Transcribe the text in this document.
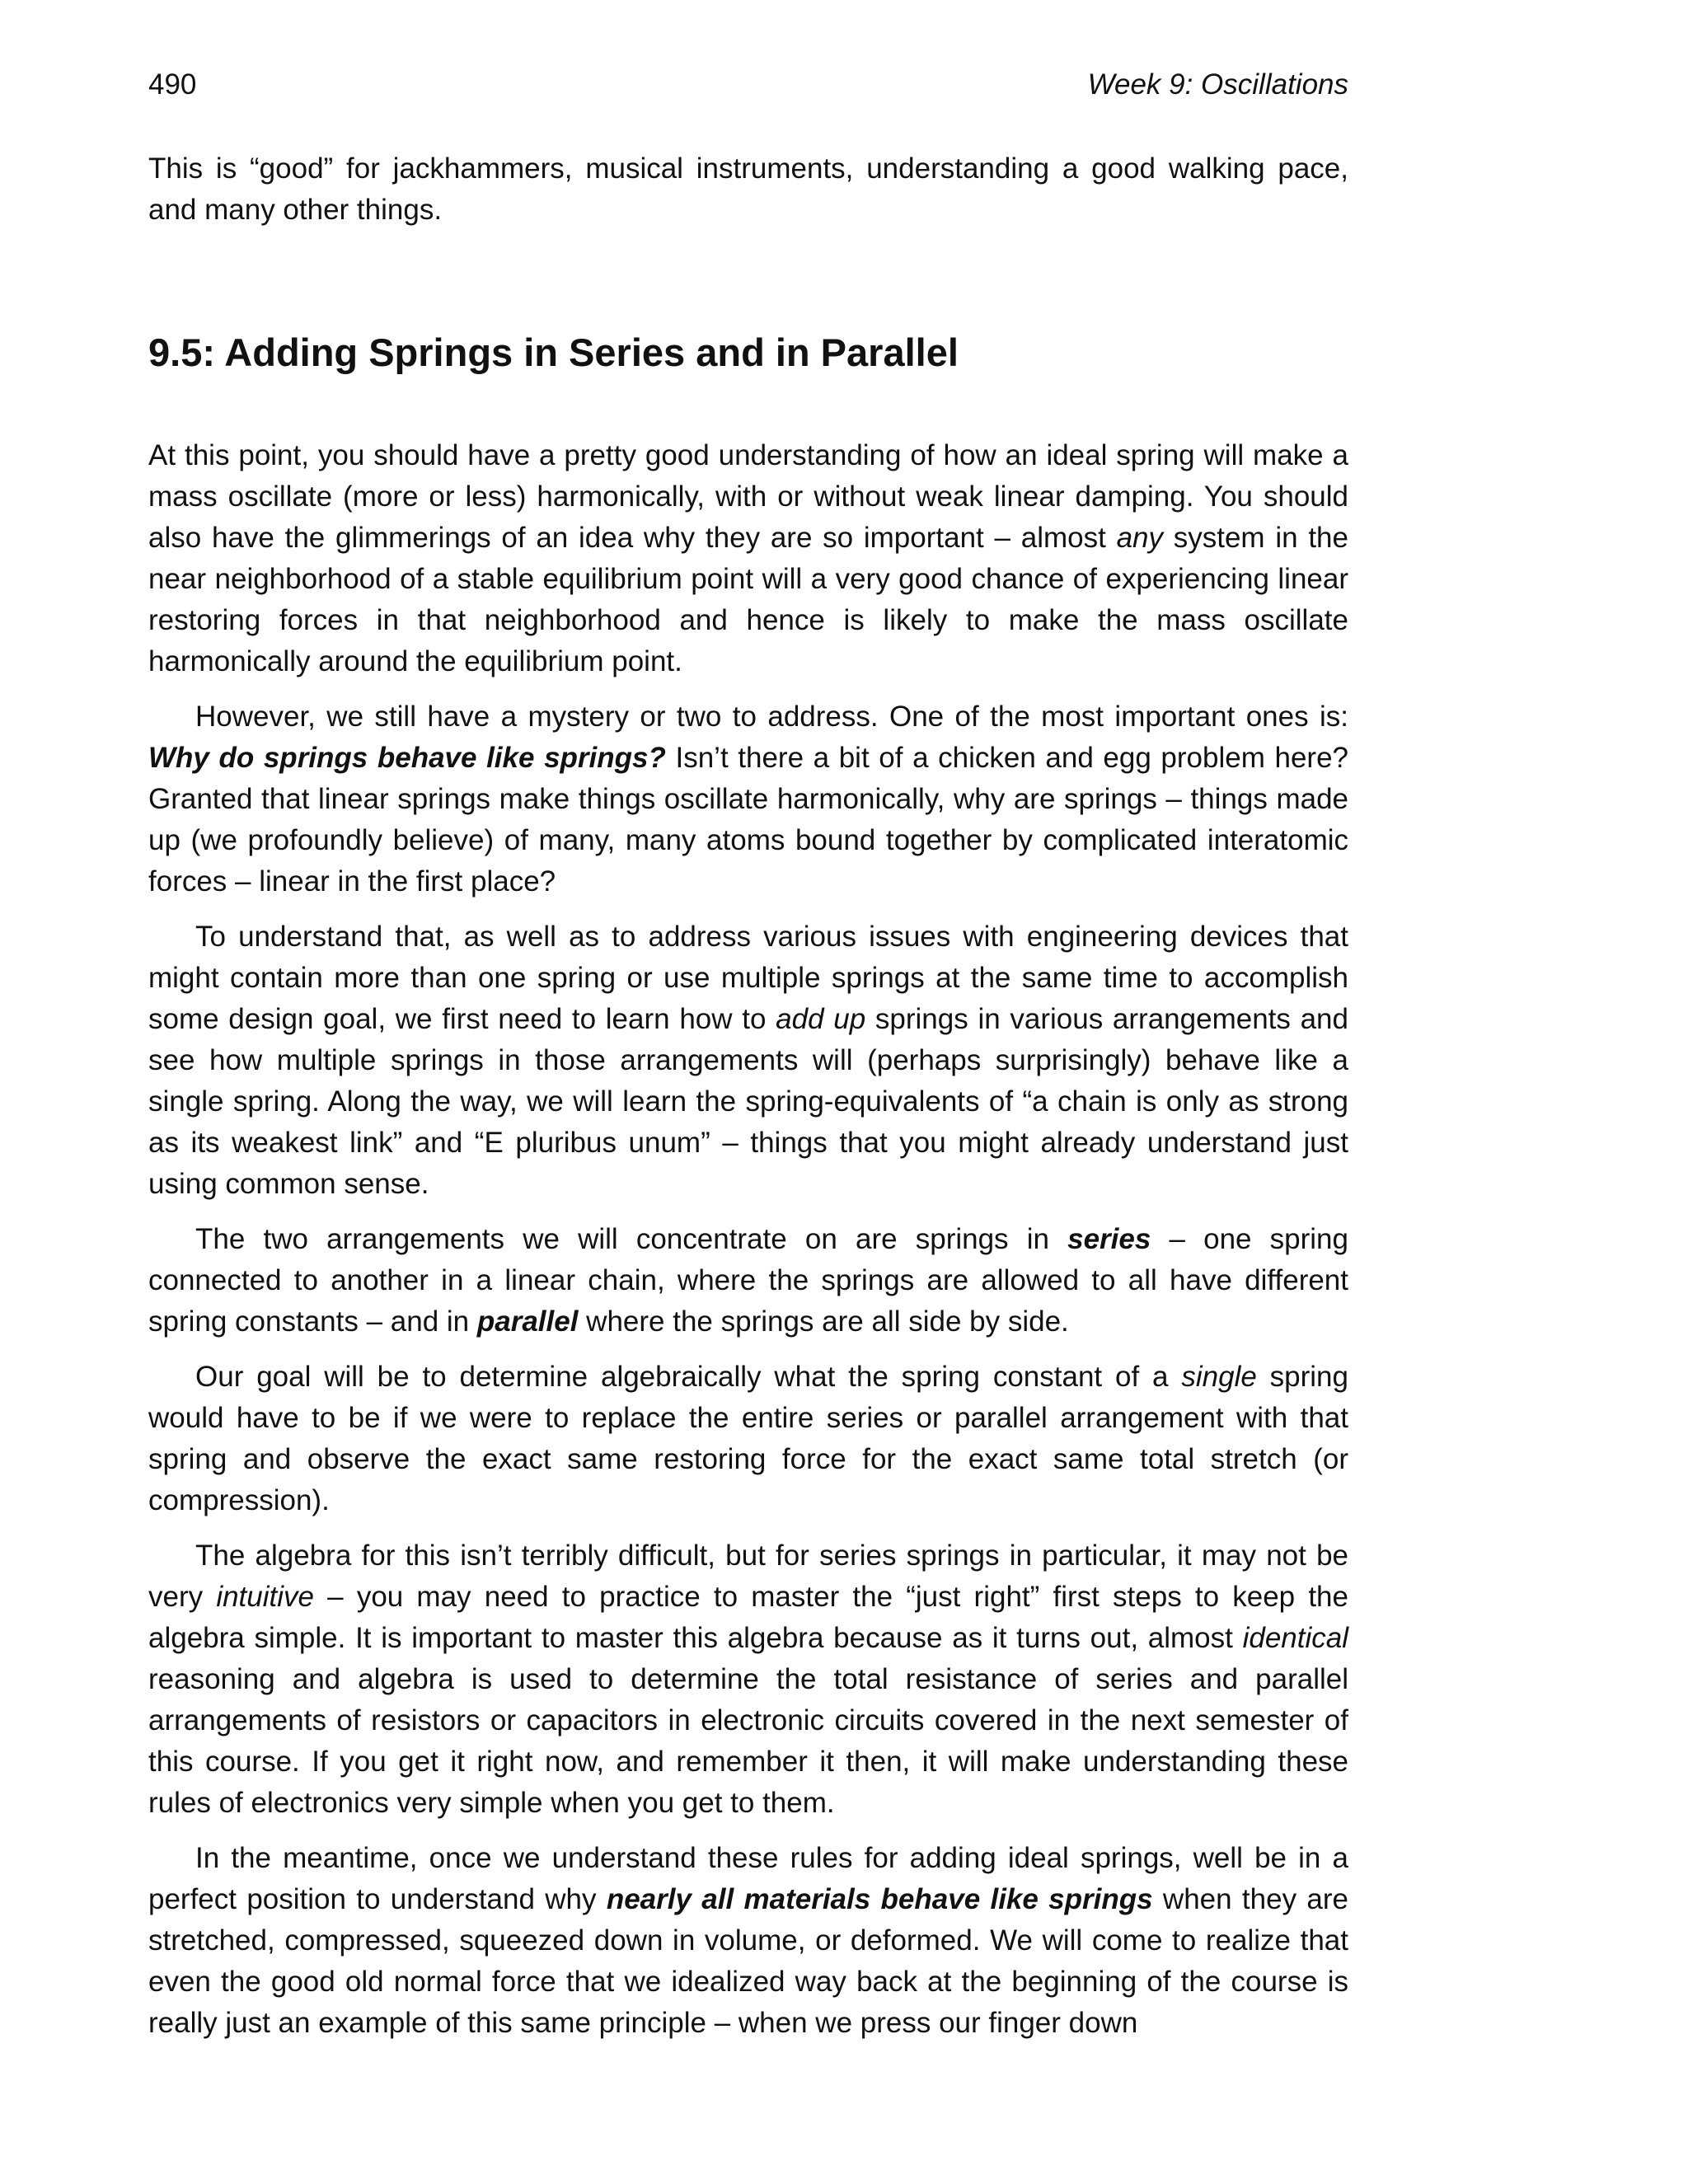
490	Week 9: Oscillations

This is “good” for jackhammers, musical instruments, understanding a good walking pace, and many other things.

9.5: Adding Springs in Series and in Parallel

At this point, you should have a pretty good understanding of how an ideal spring will make a mass oscillate (more or less) harmonically, with or without weak linear damping. You should also have the glimmerings of an idea why they are so important – almost any system in the near neighborhood of a stable equilibrium point will a very good chance of experiencing linear restoring forces in that neighborhood and hence is likely to make the mass oscillate harmonically around the equilibrium point.

However, we still have a mystery or two to address. One of the most important ones is: Why do springs behave like springs? Isn’t there a bit of a chicken and egg problem here? Granted that linear springs make things oscillate harmonically, why are springs – things made up (we profoundly believe) of many, many atoms bound together by complicated interatomic forces – linear in the first place?

To understand that, as well as to address various issues with engineering devices that might contain more than one spring or use multiple springs at the same time to accomplish some design goal, we first need to learn how to add up springs in various arrangements and see how multiple springs in those arrangements will (perhaps surprisingly) behave like a single spring. Along the way, we will learn the spring-equivalents of “a chain is only as strong as its weakest link” and “E pluribus unum” – things that you might already understand just using common sense.

The two arrangements we will concentrate on are springs in series – one spring connected to another in a linear chain, where the springs are allowed to all have different spring constants – and in parallel where the springs are all side by side.

Our goal will be to determine algebraically what the spring constant of a single spring would have to be if we were to replace the entire series or parallel arrangement with that spring and observe the exact same restoring force for the exact same total stretch (or compression).

The algebra for this isn’t terribly difficult, but for series springs in particular, it may not be very intuitive – you may need to practice to master the “just right” first steps to keep the algebra simple. It is important to master this algebra because as it turns out, almost identical reasoning and algebra is used to determine the total resistance of series and parallel arrangements of resistors or capacitors in electronic circuits covered in the next semester of this course. If you get it right now, and remember it then, it will make understanding these rules of electronics very simple when you get to them.

In the meantime, once we understand these rules for adding ideal springs, well be in a perfect position to understand why nearly all materials behave like springs when they are stretched, compressed, squeezed down in volume, or deformed. We will come to realize that even the good old normal force that we idealized way back at the beginning of the course is really just an example of this same principle – when we press our finger down
